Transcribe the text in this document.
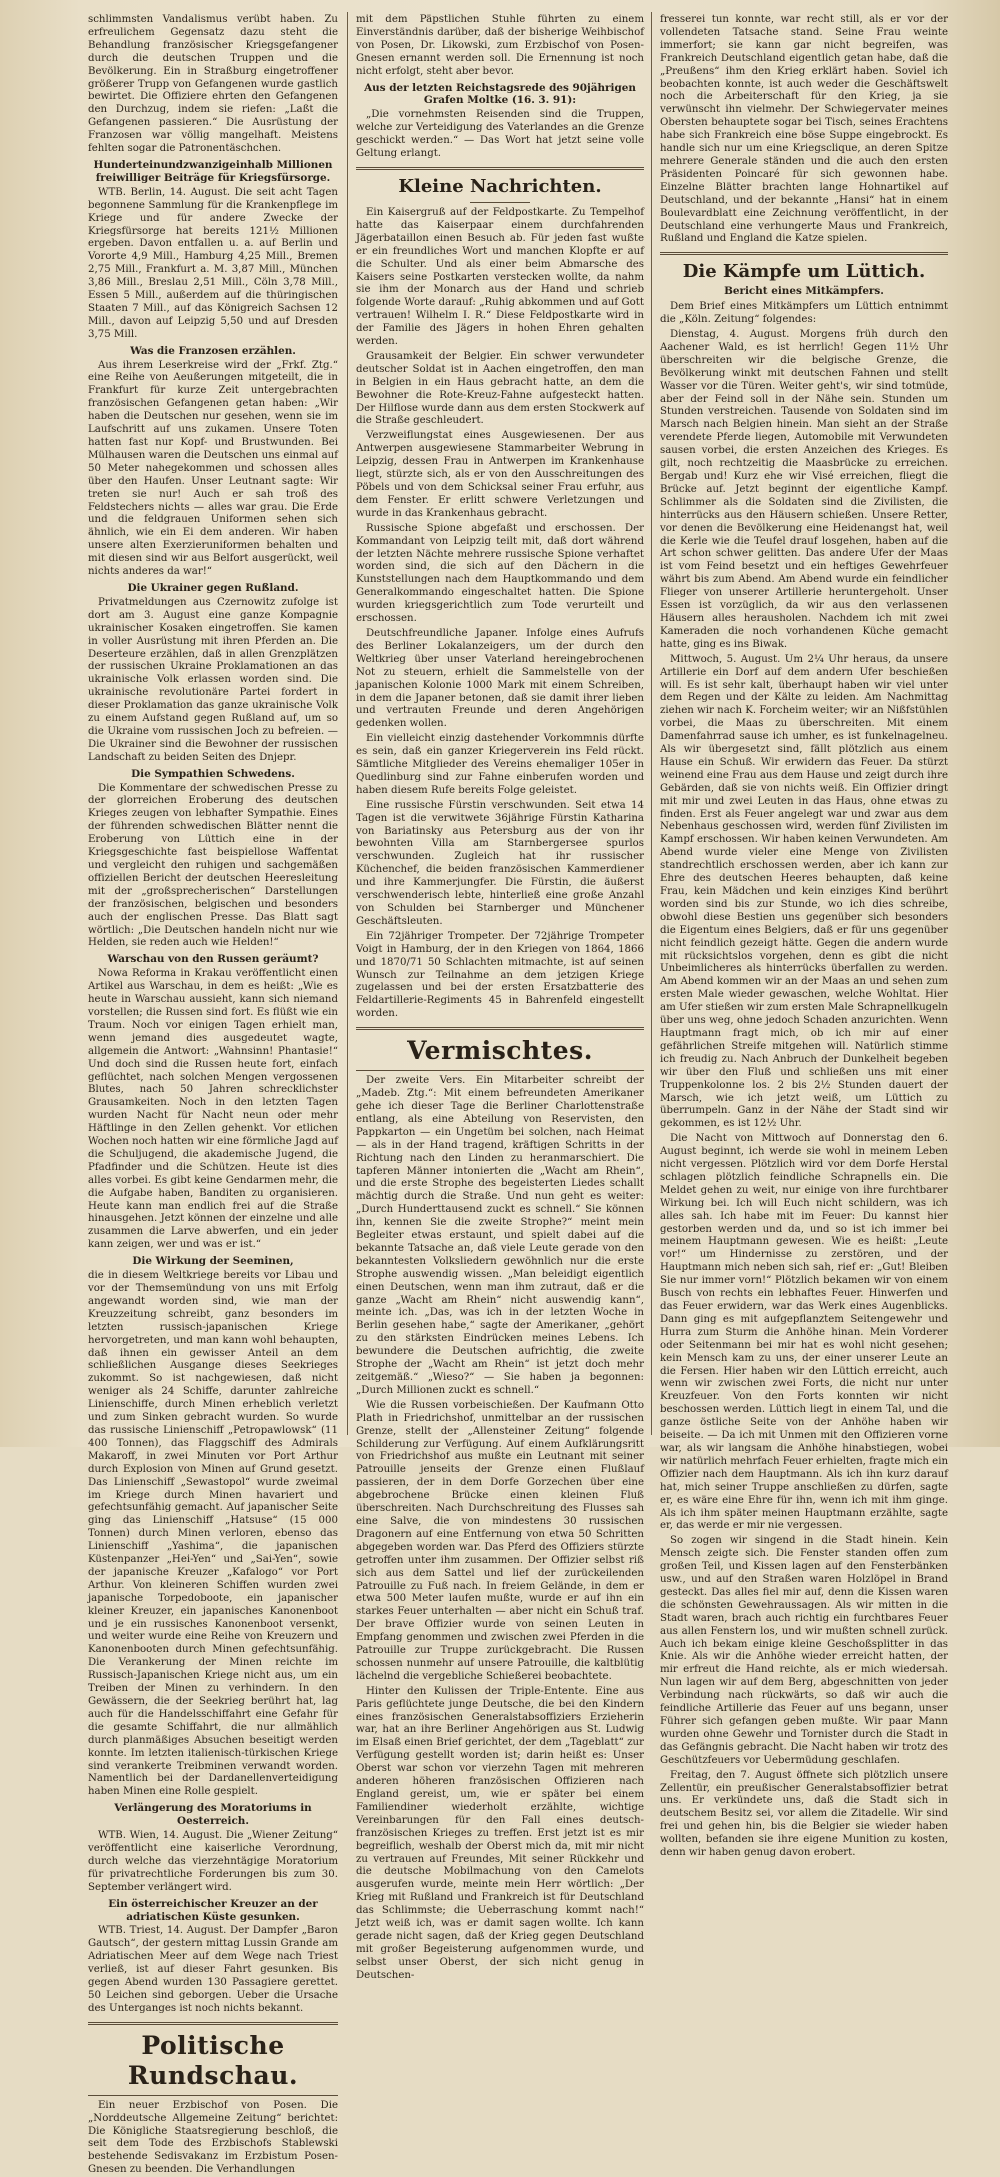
schlimmsten Vandalismus verübt haben. Zu erfreulichem Gegensatz dazu steht die Behandlung französischer Kriegsgefangener durch die deutschen Truppen und die Bevölkerung. Ein in Straßburg eingetroffener größerer Trupp von Gefangenen wurde gastlich bewirtet. Die Offiziere ehrten den Gefangenen den Durchzug, indem sie riefen: „Laßt die Gefangenen passieren.“ Die Ausrüstung der Franzosen war völlig mangelhaft. Meistens fehlten sogar die Patronentäschchen.

Hunderteinundzwanzigeinhalb Millionen freiwilliger Beiträge für Kriegsfürsorge.

WTB. Berlin, 14. August. Die seit acht Tagen begonnene Sammlung für die Krankenpflege im Kriege und für andere Zwecke der Kriegsfürsorge hat bereits 121½ Millionen ergeben. Davon entfallen u. a. auf Berlin und Vororte 4,9 Mill., Hamburg 4,25 Mill., Bremen 2,75 Mill., Frankfurt a. M. 3,87 Mill., München 3,86 Mill., Breslau 2,51 Mill., Cöln 3,78 Mill., Essen 5 Mill., außerdem auf die thüringischen Staaten 7 Mill., auf das Königreich Sachsen 12 Mill., davon auf Leipzig 5,50 und auf Dresden 3,75 Mill.

Was die Franzosen erzählen.

Aus ihrem Leserkreise wird der „Frkf. Ztg.“ eine Reihe von Aeußerungen mitgeteilt, die in Frankfurt für kurze Zeit untergebrachten französischen Gefangenen getan haben: „Wir haben die Deutschen nur gesehen, wenn sie im Laufschritt auf uns zukamen. Unsere Toten hatten fast nur Kopf- und Brustwunden. Bei Mülhausen waren die Deutschen uns einmal auf 50 Meter nahegekommen und schossen alles über den Haufen. Unser Leutnant sagte: Wir treten sie nur! Auch er sah troß des Feldstechers nichts — alles war grau. Die Erde und die feldgrauen Uniformen sehen sich ähnlich, wie ein Ei dem anderen. Wir haben unsere alten Exerzieruniformen behalten und mit diesen sind wir aus Belfort ausgerückt, weil nichts anderes da war!“

Die Ukrainer gegen Rußland.

Privatmeldungen aus Czernowitz zufolge ist dort am 3. August eine ganze Kompagnie ukrainischer Kosaken eingetroffen. Sie kamen in voller Ausrüstung mit ihren Pferden an. Die Deserteure erzählen, daß in allen Grenzplätzen der russischen Ukraine Proklamationen an das ukrainische Volk erlassen worden sind. Die ukrainische revolutionäre Partei fordert in dieser Proklamation das ganze ukrainische Volk zu einem Aufstand gegen Rußland auf, um so die Ukraine vom russischen Joch zu befreien. — Die Ukrainer sind die Bewohner der russischen Landschaft zu beiden Seiten des Dnjepr.

Die Sympathien Schwedens.

Die Kommentare der schwedischen Presse zu der glorreichen Eroberung des deutschen Krieges zeugen von lebhafter Sympathie. Eines der führenden schwedischen Blätter nennt die Eroberung von Lüttich eine in der Kriegsgeschichte fast beispiellose Waffentat und vergleicht den ruhigen und sachgemäßen offiziellen Bericht der deutschen Heeresleitung mit der „großsprecherischen“ Darstellungen der französischen, belgischen und besonders auch der englischen Presse. Das Blatt sagt wörtlich: „Die Deutschen handeln nicht nur wie Helden, sie reden auch wie Helden!“

Warschau von den Russen geräumt?

Nowa Reforma in Krakau veröffentlicht einen Artikel aus Warschau, in dem es heißt: „Wie es heute in Warschau aussieht, kann sich niemand vorstellen; die Russen sind fort. Es flüßt wie ein Traum. Noch vor einigen Tagen erhielt man, wenn jemand dies ausgedeutet wagte, allgemein die Antwort: „Wahnsinn! Phantasie!“ Und doch sind die Russen heute fort, einfach geflüchtet, nach solchen Mengen vergossenen Blutes, nach 50 Jahren schrecklichster Grausamkeiten. Noch in den letzten Tagen wurden Nacht für Nacht neun oder mehr Häftlinge in den Zellen gehenkt. Vor etlichen Wochen noch hatten wir eine förmliche Jagd auf die Schuljugend, die akademische Jugend, die Pfadfinder und die Schützen. Heute ist dies alles vorbei. Es gibt keine Gendarmen mehr, die die Aufgabe haben, Banditen zu organisieren. Heute kann man endlich frei auf die Straße hinausgehen. Jetzt können der einzelne und alle zusammen die Larve abwerfen, und ein jeder kann zeigen, wer und was er ist.“

Die Wirkung der Seeminen,

die in diesem Weltkriege bereits vor Libau und vor der Themsemündung von uns mit Erfolg angewandt worden sind, wie man der Kreuzzeitung schreibt, ganz besonders im letzten russisch-japanischen Kriege hervorgetreten, und man kann wohl behaupten, daß ihnen ein gewisser Anteil an dem schließlichen Ausgange dieses Seekrieges zukommt. So ist nachgewiesen, daß nicht weniger als 24 Schiffe, darunter zahlreiche Linienschiffe, durch Minen erheblich verletzt und zum Sinken gebracht wurden. So wurde das russische Linienschiff „Petropawlowsk“ (11 400 Tonnen), das Flaggschiff des Admirals Makaroff, in zwei Minuten vor Port Arthur durch Explosion von Minen auf Grund gesetzt. Das Linienschiff „Sewastopol“ wurde zweimal im Kriege durch Minen havariert und gefechtsunfähig gemacht. Auf japanischer Seite ging das Linienschiff „Hatsuse“ (15 000 Tonnen) durch Minen verloren, ebenso das Linienschiff „Yashima“, die japanischen Küstenpanzer „Hei-Yen“ und „Sai-Yen“, sowie der japanische Kreuzer „Kafalogo“ vor Port Arthur. Von kleineren Schiffen wurden zwei japanische Torpedoboote, ein japanischer kleiner Kreuzer, ein japanisches Kanonenboot und je ein russisches Kanonenboot versenkt, und weiter wurde eine Reihe von Kreuzern und Kanonenbooten durch Minen gefechtsunfähig. Die Verankerung der Minen reichte im Russisch-Japanischen Kriege nicht aus, um ein Treiben der Minen zu verhindern. In den Gewässern, die der Seekrieg berührt hat, lag auch für die Handelsschiffahrt eine Gefahr für die gesamte Schiffahrt, die nur allmählich durch planmäßiges Absuchen beseitigt werden konnte. Im letzten italienisch-türkischen Kriege sind verankerte Treibminen verwandt worden. Namentlich bei der Dardanellenverteidigung haben Minen eine Rolle gespielt.

Verlängerung des Moratoriums in Oesterreich.

WTB. Wien, 14. August. Die „Wiener Zeitung“ veröffentlicht eine kaiserliche Verordnung, durch welche das vierzehntägige Moratorium für privatrechtliche Forderungen bis zum 30. September verlängert wird.

Ein österreichischer Kreuzer an der adriatischen Küste gesunken.

WTB. Triest, 14. August. Der Dampfer „Baron Gautsch“, der gestern mittag Lussin Grande am Adriatischen Meer auf dem Wege nach Triest verließ, ist auf dieser Fahrt gesunken. Bis gegen Abend wurden 130 Passagiere gerettet. 50 Leichen sind geborgen. Ueber die Ursache des Unterganges ist noch nichts bekannt.

Politische Rundschau.

Ein neuer Erzbischof von Posen. Die „Norddeutsche Allgemeine Zeitung“ berichtet: Die Königliche Staatsregierung beschloß, die seit dem Tode des Erzbischofs Stablewski bestehende Sedisvakanz im Erzbistum Posen-Gnesen zu beenden. Die Verhandlungen

mit dem Päpstlichen Stuhle führten zu einem Einverständnis darüber, daß der bisherige Weihbischof von Posen, Dr. Likowski, zum Erzbischof von Posen-Gnesen ernannt werden soll. Die Ernennung ist noch nicht erfolgt, steht aber bevor.

Aus der letzten Reichstagsrede des 90jährigen Grafen Moltke (16. 3. 91):

„Die vornehmsten Reisenden sind die Truppen, welche zur Verteidigung des Vaterlandes an die Grenze geschickt werden.“ — Das Wort hat jetzt seine volle Geltung erlangt.

Kleine Nachrichten.

Ein Kaisergruß auf der Feldpostkarte. Zu Tempelhof hatte das Kaiserpaar einem durchfahrenden Jägerbataillon einen Besuch ab. Für jeden fast wußte er ein freundliches Wort und manchen Klopfte er auf die Schulter. Und als einer beim Abmarsche des Kaisers seine Postkarten verstecken wollte, da nahm sie ihm der Monarch aus der Hand und schrieb folgende Worte darauf: „Ruhig abkommen und auf Gott vertrauen! Wilhelm I. R.“ Diese Feldpostkarte wird in der Familie des Jägers in hohen Ehren gehalten werden.

Grausamkeit der Belgier. Ein schwer verwundeter deutscher Soldat ist in Aachen eingetroffen, den man in Belgien in ein Haus gebracht hatte, an dem die Bewohner die Rote-Kreuz-Fahne aufgesteckt hatten. Der Hilflose wurde dann aus dem ersten Stockwerk auf die Straße geschleudert.

Verzweiflungstat eines Ausgewiesenen. Der aus Antwerpen ausgewiesene Stammarbeiter Webrung in Leipzig, dessen Frau in Antwerpen im Krankenhause liegt, stürzte sich, als er von den Ausschreitungen des Pöbels und von dem Schicksal seiner Frau erfuhr, aus dem Fenster. Er erlitt schwere Verletzungen und wurde in das Krankenhaus gebracht.

Russische Spione abgefaßt und erschossen. Der Kommandant von Leipzig teilt mit, daß dort während der letzten Nächte mehrere russische Spione verhaftet worden sind, die sich auf den Dächern in die Kunststellungen nach dem Hauptkommando und dem Generalkommando eingeschaltet hatten. Die Spione wurden kriegsgerichtlich zum Tode verurteilt und erschossen.

Deutschfreundliche Japaner. Infolge eines Aufrufs des Berliner Lokalanzeigers, um der durch den Weltkrieg über unser Vaterland hereingebrochenen Not zu steuern, erhielt die Sammelstelle von der japanischen Kolonie 1000 Mark mit einem Schreiben, in dem die Japaner betonen, daß sie damit ihrer lieben und vertrauten Freunde und deren Angehörigen gedenken wollen.

Ein vielleicht einzig dastehender Vorkommnis dürfte es sein, daß ein ganzer Kriegerverein ins Feld rückt. Sämtliche Mitglieder des Vereins ehemaliger 105er in Quedlinburg sind zur Fahne einberufen worden und haben diesem Rufe bereits Folge geleistet.

Eine russische Fürstin verschwunden. Seit etwa 14 Tagen ist die verwitwete 36jährige Fürstin Katharina von Bariatinsky aus Petersburg aus der von ihr bewohnten Villa am Starnbergersee spurlos verschwunden. Zugleich hat ihr russischer Küchenchef, die beiden französischen Kammerdiener und ihre Kammerjungfer. Die Fürstin, die äußerst verschwenderisch lebte, hinterließ eine große Anzahl von Schulden bei Starnberger und Münchener Geschäftsleuten.

Ein 72jähriger Trompeter. Der 72jährige Trompeter Voigt in Hamburg, der in den Kriegen von 1864, 1866 und 1870/71 50 Schlachten mitmachte, ist auf seinen Wunsch zur Teilnahme an dem jetzigen Kriege zugelassen und bei der ersten Ersatzbatterie des Feldartillerie-Regiments 45 in Bahrenfeld eingestellt worden.

Vermischtes.

Der zweite Vers. Ein Mitarbeiter schreibt der „Madeb. Ztg.“: Mit einem befreundeten Amerikaner gehe ich dieser Tage die Berliner Charlottenstraße entlang, als eine Abteilung von Reservisten, den Pappkarton — ein Ungetüm bei solchen, nach Heimat — als in der Hand tragend, kräftigen Schritts in der Richtung nach den Linden zu heranmarschiert. Die tapferen Männer intonierten die „Wacht am Rhein“, und die erste Strophe des begeisterten Liedes schallt mächtig durch die Straße. Und nun geht es weiter: „Durch Hunderttausend zuckt es schnell.“ Sie können ihn, kennen Sie die zweite Strophe?“ meint mein Begleiter etwas erstaunt, und spielt dabei auf die bekannte Tatsache an, daß viele Leute gerade von den bekanntesten Volksliedern gewöhnlich nur die erste Strophe auswendig wissen. „Man beleidigt eigentlich einen Deutschen, wenn man ihm zutraut, daß er die ganze „Wacht am Rhein“ nicht auswendig kann“, meinte ich. „Das, was ich in der letzten Woche in Berlin gesehen habe,“ sagte der Amerikaner, „gehört zu den stärksten Eindrücken meines Lebens. Ich bewundere die Deutschen aufrichtig, die zweite Strophe der „Wacht am Rhein“ ist jetzt doch mehr zeitgemäß.“ „Wieso?“ — Sie haben ja begonnen: „Durch Millionen zuckt es schnell.“

Wie die Russen vorbeischießen. Der Kaufmann Otto Plath in Friedrichshof, unmittelbar an der russischen Grenze, stellt der „Allensteiner Zeitung“ folgende Schilderung zur Verfügung. Auf einem Aufklärungsritt von Friedrichshof aus mußte ein Leutnant mit seiner Patrouille jenseits der Grenze einen Flußlauf passieren, der in dem Dorfe Gorzechen über eine abgebrochene Brücke einen kleinen Fluß überschreiten. Nach Durchschreitung des Flusses sah eine Salve, die von mindestens 30 russischen Dragonern auf eine Entfernung von etwa 50 Schritten abgegeben worden war. Das Pferd des Offiziers stürzte getroffen unter ihm zusammen. Der Offizier selbst riß sich aus dem Sattel und lief der zurückeilenden Patrouille zu Fuß nach. In freiem Gelände, in dem er etwa 500 Meter laufen mußte, wurde er auf ihn ein starkes Feuer unterhalten — aber nicht ein Schuß traf. Der brave Offizier wurde von seinen Leuten in Empfang genommen und zwischen zwei Pferden in die Patrouille zur Truppe zurückgebracht. Die Russen schossen nunmehr auf unsere Patrouille, die kaltblütig lächelnd die vergebliche Schießerei beobachtete.

Hinter den Kulissen der Triple-Entente. Eine aus Paris geflüchtete junge Deutsche, die bei den Kindern eines französischen Generalstabsoffiziers Erzieherin war, hat an ihre Berliner Angehörigen aus St. Ludwig im Elsaß einen Brief gerichtet, der dem „Tageblatt“ zur Verfügung gestellt worden ist; darin heißt es: Unser Oberst war schon vor vierzehn Tagen mit mehreren anderen höheren französischen Offizieren nach England gereist, um, wie er später bei einem Familiendiner wiederholt erzählte, wichtige Vereinbarungen für den Fall eines deutsch-französischen Krieges zu treffen. Erst jetzt ist es mir begreiflich, weshalb der Oberst mich da, mit mir nicht zu vertrauen auf Freundes, Mit seiner Rückkehr und die deutsche Mobilmachung von den Camelots ausgerufen wurde, meinte mein Herr wörtlich: „Der Krieg mit Rußland und Frankreich ist für Deutschland das Schlimmste; die Ueberraschung kommt nach!“ Jetzt weiß ich, was er damit sagen wollte. Ich kann gerade nicht sagen, daß der Krieg gegen Deutschland mit großer Begeisterung aufgenommen wurde, und selbst unser Oberst, der sich nicht genug in Deutschen-

fresserei tun konnte, war recht still, als er vor der vollendeten Tatsache stand. Seine Frau weinte immerfort; sie kann gar nicht begreifen, was Frankreich Deutschland eigentlich getan habe, daß die „Preußens“ ihm den Krieg erklärt haben. Soviel ich beobachten konnte, ist auch weder die Geschäftswelt noch die Arbeiterschaft für den Krieg, ja sie verwünscht ihn vielmehr. Der Schwiegervater meines Obersten behauptete sogar bei Tisch, seines Erachtens habe sich Frankreich eine böse Suppe eingebrockt. Es handle sich nur um eine Kriegsclique, an deren Spitze mehrere Generale ständen und die auch den ersten Präsidenten Poincaré für sich gewonnen habe. Einzelne Blätter brachten lange Hohnartikel auf Deutschland, und der bekannte „Hansi“ hat in einem Boulevardblatt eine Zeichnung veröffentlicht, in der Deutschland eine verhungerte Maus und Frankreich, Rußland und England die Katze spielen.

Die Kämpfe um Lüttich.
Bericht eines Mitkämpfers.

Dem Brief eines Mitkämpfers um Lüttich entnimmt die „Köln. Zeitung“ folgendes:

Dienstag, 4. August. Morgens früh durch den Aachener Wald, es ist herrlich! Gegen 11½ Uhr überschreiten wir die belgische Grenze, die Bevölkerung winkt mit deutschen Fahnen und stellt Wasser vor die Türen. Weiter geht's, wir sind totmüde, aber der Feind soll in der Nähe sein. Stunden um Stunden verstreichen. Tausende von Soldaten sind im Marsch nach Belgien hinein. Man sieht an der Straße verendete Pferde liegen, Automobile mit Verwundeten sausen vorbei, die ersten Anzeichen des Krieges. Es gilt, noch rechtzeitig die Maasbrücke zu erreichen. Bergab und! Kurz ehe wir Visé erreichen, fliegt die Brücke auf. Jetzt beginnt der eigentliche Kampf. Schlimmer als die Soldaten sind die Zivilisten, die hinterrücks aus den Häusern schießen. Unsere Retter, vor denen die Bevölkerung eine Heidenangst hat, weil die Kerle wie die Teufel drauf losgehen, haben auf die Art schon schwer gelitten. Das andere Ufer der Maas ist vom Feind besetzt und ein heftiges Gewehrfeuer währt bis zum Abend. Am Abend wurde ein feindlicher Flieger von unserer Artillerie heruntergeholt. Unser Essen ist vorzüglich, da wir aus den verlassenen Häusern alles herausholen. Nachdem ich mit zwei Kameraden die noch vorhandenen Küche gemacht hatte, ging es ins Biwak.

Mittwoch, 5. August. Um 2¼ Uhr heraus, da unsere Artillerie ein Dorf auf dem andern Ufer beschießen will. Es ist sehr kalt, überhaupt haben wir viel unter dem Regen und der Kälte zu leiden. Am Nachmittag ziehen wir nach K. Forcheim weiter; wir an Nißfstühlen vorbei, die Maas zu überschreiten. Mit einem Damenfahrrad sause ich umher, es ist funkelnagelneu. Als wir übergesetzt sind, fällt plötzlich aus einem Hause ein Schuß. Wir erwidern das Feuer. Da stürzt weinend eine Frau aus dem Hause und zeigt durch ihre Gebärden, daß sie von nichts weiß. Ein Offizier dringt mit mir und zwei Leuten in das Haus, ohne etwas zu finden. Erst als Feuer angelegt war und zwar aus dem Nebenhaus geschossen wird, werden fünf Zivilisten im Kampf erschossen. Wir haben keinen Verwundeten. Am Abend wurde vieler eine Menge von Zivilisten standrechtlich erschossen werden, aber ich kann zur Ehre des deutschen Heeres behaupten, daß keine Frau, kein Mädchen und kein einziges Kind berührt worden sind bis zur Stunde, wo ich dies schreibe, obwohl diese Bestien uns gegenüber sich besonders die Eigentum eines Belgiers, daß er für uns gegenüber nicht feindlich gezeigt hätte. Gegen die andern wurde mit rücksichtslos vorgehen, denn es gibt die nicht Unbeimlicheres als hinterrücks überfallen zu werden. Am Abend kommen wir an der Maas an und sehen zum ersten Male wieder gewaschen, welche Wohltat. Hier am Ufer stießen wir zum ersten Male Schrapnellkugeln über uns weg, ohne jedoch Schaden anzurichten. Wenn Hauptmann fragt mich, ob ich mir auf einer gefährlichen Streife mitgehen will. Natürlich stimme ich freudig zu. Nach Anbruch der Dunkelheit begeben wir über den Fluß und schließen uns mit einer Truppenkolonne los. 2 bis 2½ Stunden dauert der Marsch, wie ich jetzt weiß, um Lüttich zu überrumpeln. Ganz in der Nähe der Stadt sind wir gekommen, es ist 12½ Uhr.

Die Nacht von Mittwoch auf Donnerstag den 6. August beginnt, ich werde sie wohl in meinem Leben nicht vergessen. Plötzlich wird vor dem Dorfe Herstal schlagen plötzlich feindliche Schrapnells ein. Die Meldet gehen zu weit, nur einige von ihre furchtbarer Wirkung bei. Ich will Euch nicht schildern, was ich alles sah. Ich habe mit im Feuer: Du kannst hier gestorben werden und da, und so ist ich immer bei meinem Hauptmann gewesen. Wie es heißt: „Leute vor!“ um Hindernisse zu zerstören, und der Hauptmann mich neben sich sah, rief er: „Gut! Bleiben Sie nur immer vorn!“ Plötzlich bekamen wir von einem Busch von rechts ein lebhaftes Feuer. Hinwerfen und das Feuer erwidern, war das Werk eines Augenblicks. Dann ging es mit aufgepflanztem Seitengewehr und Hurra zum Sturm die Anhöhe hinan. Mein Vorderer oder Seitenmann bei mir hat es wohl nicht gesehen; kein Mensch kam zu uns, der einer unserer Leute an die Fersen. Hier haben wir den Lüttich erreicht, auch wenn wir zwischen zwei Forts, die nicht nur unter Kreuzfeuer. Von den Forts konnten wir nicht beschossen werden. Lüttich liegt in einem Tal, und die ganze östliche Seite von der Anhöhe haben wir beiseite. — Da ich mit Unmen mit den Offizieren vorne war, als wir langsam die Anhöhe hinabstiegen, wobei wir natürlich mehrfach Feuer erhielten, fragte mich ein Offizier nach dem Hauptmann. Als ich ihn kurz darauf hat, mich seiner Truppe anschließen zu dürfen, sagte er, es wäre eine Ehre für ihn, wenn ich mit ihm ginge. Als ich ihm später meinen Hauptmann erzählte, sagte er, das werde er mir nie vergessen.

So zogen wir singend in die Stadt hinein. Kein Mensch zeigte sich. Die Fenster standen offen zum großen Teil, und Kissen lagen auf den Fensterbänken usw., und auf den Straßen waren Holzlöpel in Brand gesteckt. Das alles fiel mir auf, denn die Kissen waren die schönsten Gewehraussagen. Als wir mitten in die Stadt waren, brach auch richtig ein furchtbares Feuer aus allen Fenstern los, und wir mußten schnell zurück. Auch ich bekam einige kleine Geschoßsplitter in das Knie. Als wir die Anhöhe wieder erreicht hatten, der mir erfreut die Hand reichte, als er mich wiedersah. Nun lagen wir auf dem Berg, abgeschnitten von jeder Verbindung nach rückwärts, so daß wir auch die feindliche Artillerie das Feuer auf uns begann, unser Führer sich gefangen geben mußte. Wir paar Mann wurden ohne Gewehr und Tornister durch die Stadt in das Gefängnis gebracht. Die Nacht haben wir trotz des Geschützfeuers vor Uebermüdung geschlafen.

Freitag, den 7. August öffnete sich plötzlich unsere Zellentür, ein preußischer Generalstabsoffizier betrat uns. Er verkündete uns, daß die Stadt sich in deutschem Besitz sei, vor allem die Zitadelle. Wir sind frei und gehen hin, bis die Belgier sie wieder haben wollten, befanden sie ihre eigene Munition zu kosten, denn wir haben genug davon erobert.
